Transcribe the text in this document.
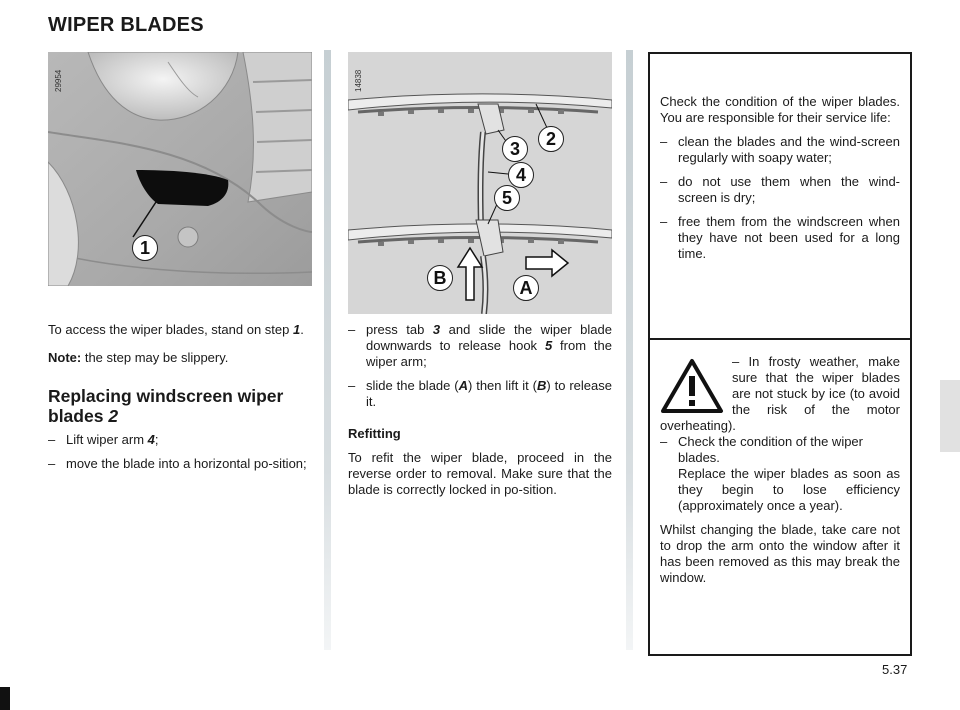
WIPER BLADES
29954
1
14838
2
3
4
5
B	A

To access the wiper blades, stand on step 1.

Note: the step may be slippery.

Replacing windscreen wiper blades 2
– Lift wiper arm 4;
– move the blade into a horizontal po-sition;
– press tab 3 and slide the wiper blade downwards to release hook 5 from the wiper arm;
– slide the blade (A) then lift it (B) to release it.
Refitting

To refit the wiper blade, proceed in the reverse order to removal. Make sure that the blade is correctly locked in po-sition.

Check the condition of the wiper blades. You are responsible for their service life:

– clean the blades and the wind-screen regularly with soapy water;
– do not use them when the wind-screen is dry;
– free them from the windscreen when they have not been used for a long time.

– In frosty weather, make sure that the wiper blades are not stuck by ice (to avoid the risk of the motor overheating).

– Check the condition of the wiper blades.

Replace the wiper blades as soon as they begin to lose efficiency (approximately once a year).

Whilst changing the blade, take care not to drop the arm onto the window after it has been removed as this may break the window.

5.37
